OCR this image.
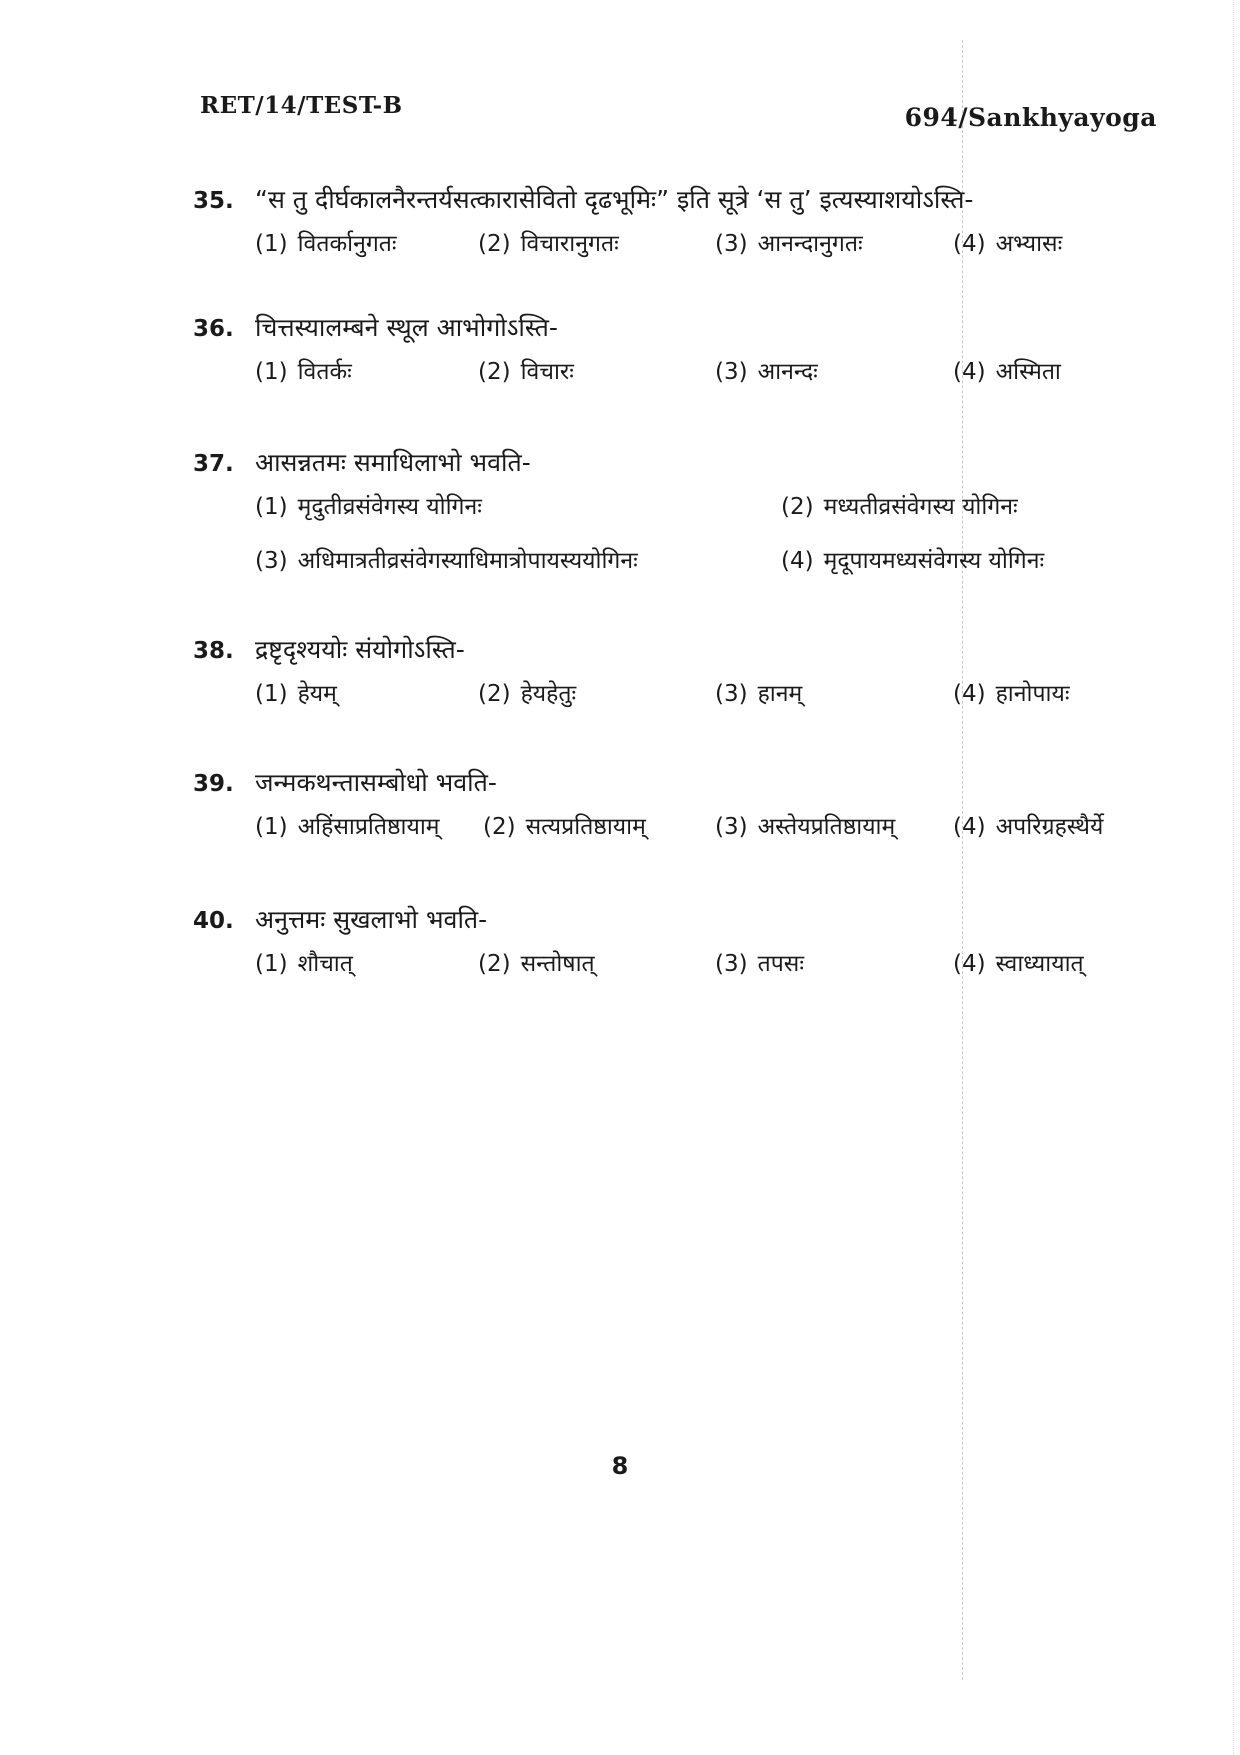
RET/14/TEST-B	694/Sankhyayoga
35. “स तु दीर्घकालनैरन्तर्यसत्कारासेवितो दृढभूमिः” इति सूत्रे ‘स तु’ इत्यस्याशयोऽस्ति-
(1) वितर्कानुगतः	(2) विचारानुगतः	(3) आनन्दानुगतः	(4) अभ्यासः
36. चित्तस्यालम्बने स्थूल आभोगोऽस्ति-
(1) वितर्कः	(2) विचारः	(3) आनन्दः	(4) अस्मिता
37. आसन्नतमः समाधिलाभो भवति-
(1) मृदुतीव्रसंवेगस्य योगिनः	(2) मध्यतीव्रसंवेगस्य योगिनः
(3) अधिमात्रतीव्रसंवेगस्याधिमात्रोपायस्ययोगिनः	(4) मृदूपायमध्यसंवेगस्य योगिनः
38. द्रष्टृदृश्ययोः संयोगोऽस्ति-
(1) हेयम्	(2) हेयहेतुः	(3) हानम्	(4) हानोपायः
39. जन्मकथन्तासम्बोधो भवति-
(1) अहिंसाप्रतिष्ठायाम् (2) सत्यप्रतिष्ठायाम्	(3) अस्तेयप्रतिष्ठायाम्	(4) अपरिग्रहस्थैर्ये
40. अनुत्तमः सुखलाभो भवति-
(1) शौचात्	(2) सन्तोषात्	(3) तपसः	(4) स्वाध्यायात्
8
